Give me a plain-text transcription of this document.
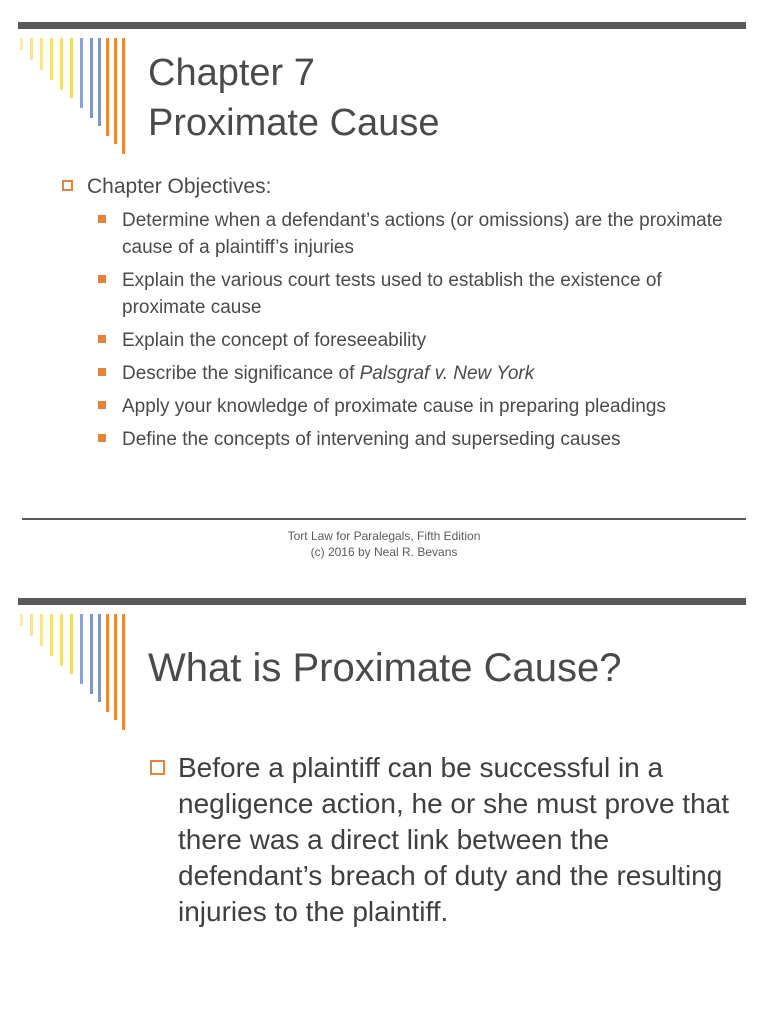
Chapter 7
Proximate Cause
Chapter Objectives:
Determine when a defendant’s actions (or omissions) are the proximate cause of a plaintiff’s injuries
Explain the various court tests used to establish the existence of proximate cause
Explain the concept of foreseeability
Describe the significance of Palsgraf v. New York
Apply your knowledge of proximate cause in preparing pleadings
Define the concepts of intervening and superseding causes
Tort Law for Paralegals, Fifth Edition
(c) 2016 by Neal R. Bevans
What is Proximate Cause?
Before a plaintiff can be successful in a negligence action, he or she must prove that there was a direct link between the defendant’s breach of duty and the resulting injuries to the plaintiff.
